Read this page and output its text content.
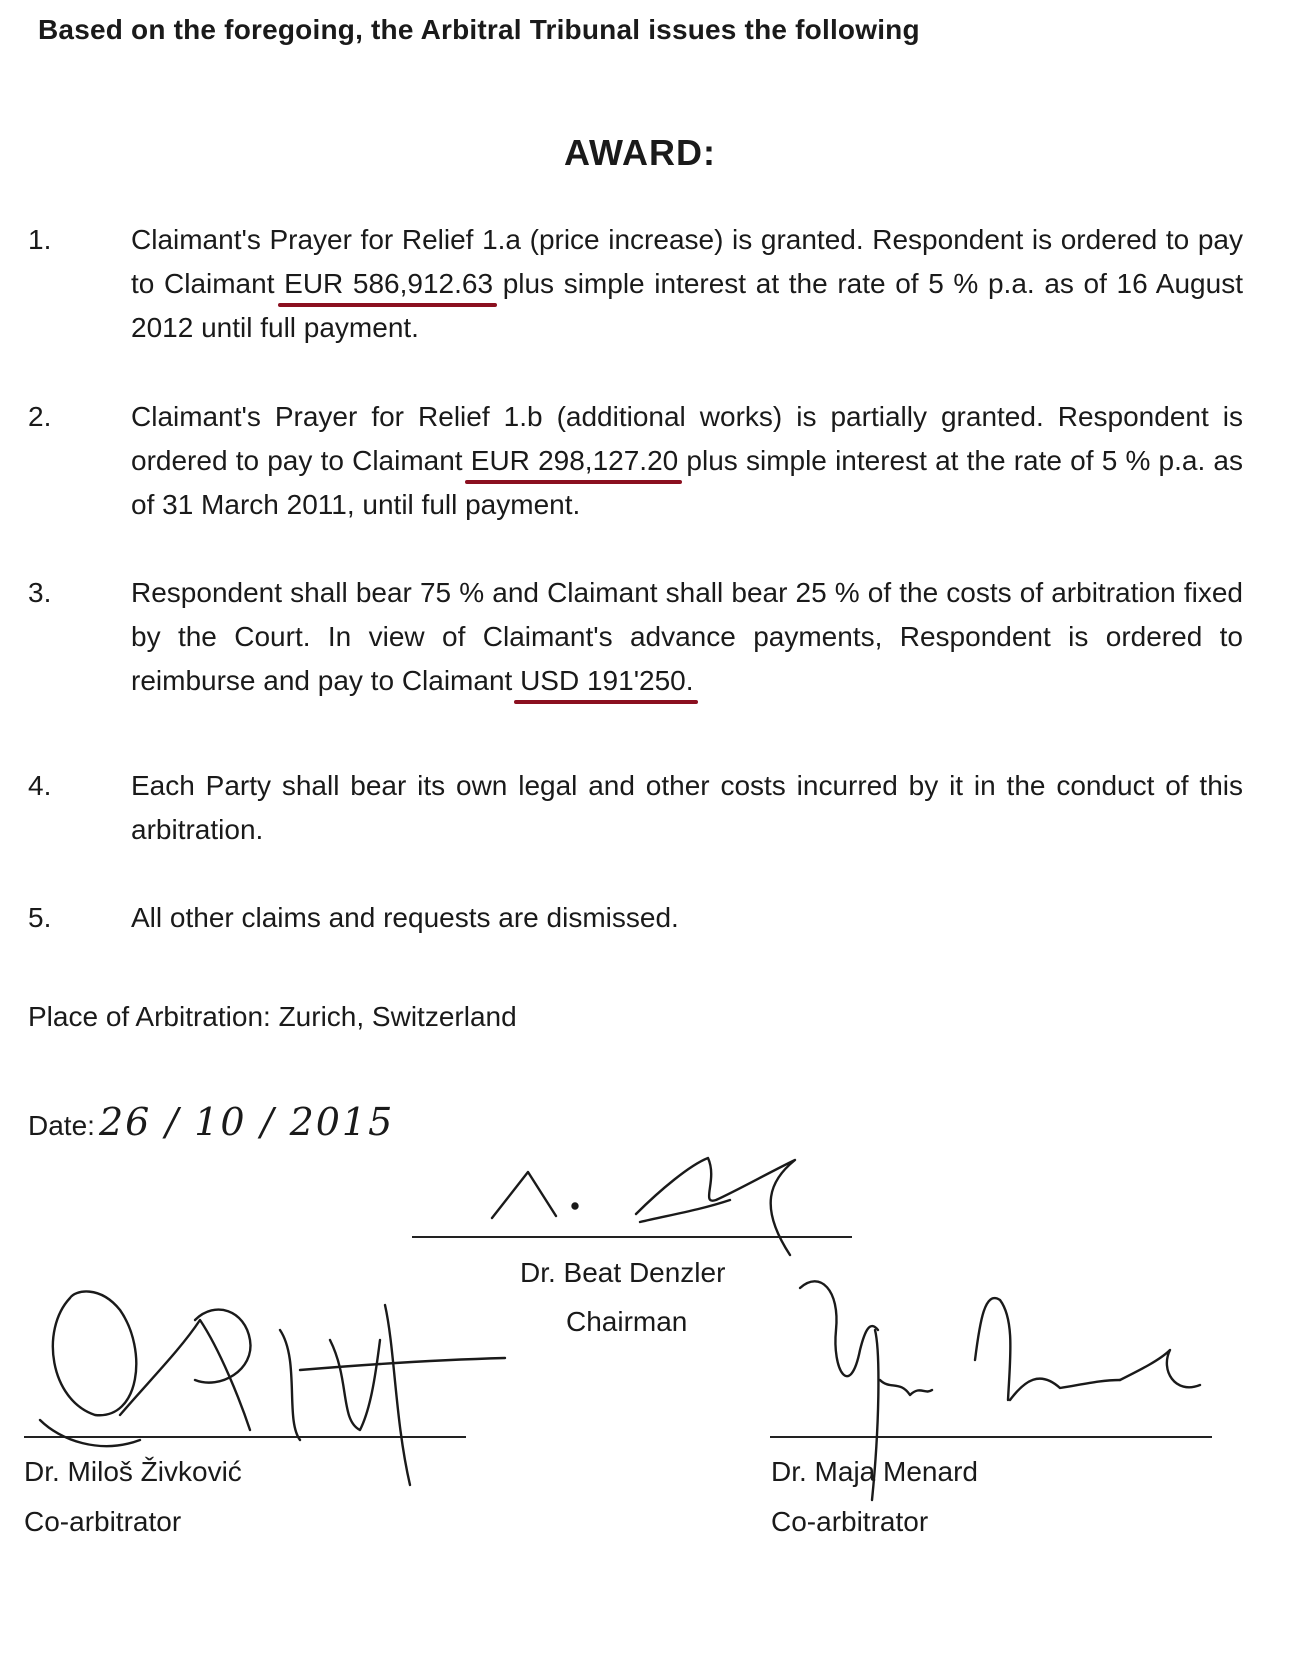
Based on the foregoing, the Arbitral Tribunal issues the following
AWARD:
1.	Claimant's Prayer for Relief 1.a (price increase) is granted. Respondent is ordered to pay to Claimant EUR 586,912.63 plus simple interest at the rate of 5 % p.a. as of 16 August 2012 until full payment.
2.	Claimant's Prayer for Relief 1.b (additional works) is partially granted. Respondent is ordered to pay to Claimant EUR 298,127.20 plus simple interest at the rate of 5 % p.a. as of 31 March 2011, until full payment.
3.	Respondent shall bear 75 % and Claimant shall bear 25 % of the costs of arbitration fixed by the Court. In view of Claimant's advance payments, Respondent is ordered to reimburse and pay to Claimant USD 191'250.
4.	Each Party shall bear its own legal and other costs incurred by it in the conduct of this arbitration.
5.	All other claims and requests are dismissed.
Place of Arbitration: Zurich, Switzerland
Date: 26 / 10 / 2015
Dr. Beat Denzler
Chairman
Dr. Miloš Živković
Co-arbitrator
Dr. Maja Menard
Co-arbitrator
